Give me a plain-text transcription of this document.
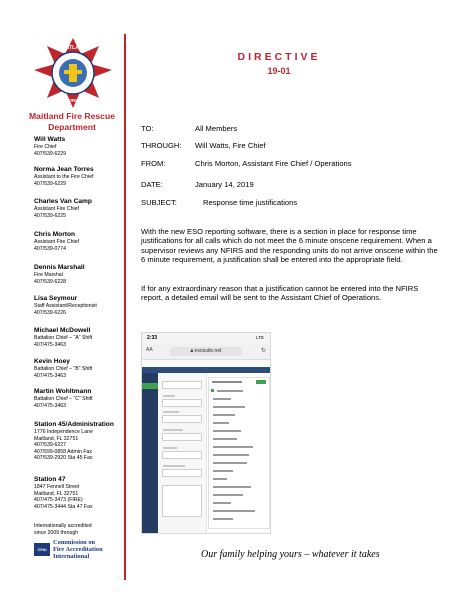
MAITLAND
FLORIDA
Maitland Fire Rescue Department
Will Watts
Fire Chief
407/539-6229
Norma Jean Torres
Assistant to the Fire Chief
407/539-6229
Charles Van Camp
Assistant Fire Chief
407/539-6225
Chris Morton
Assistant Fire Chief
407/539-0774
Dennis Marshall
Fire Marshal
407/539-6228
Lisa Seymour
Staff Assistant/Receptionist
407/539-6226
Michael McDowell
Battalion Chief – “A” Shift
407/475-3463
Kevin Hoey
Battalion Chief – “B” Shift
407/475-3463
Martin Wohltmann
Battalion Chief – “C” Shift
407/475-3463
Station 45/Administration
1776 Independence Lane
Maitland, FL 32751
407/539-6227
407/599-0858 Admin Fax
407/539-2920 Sta 45 Fax
Station 47
1847 Fennell Street
Maitland, FL 32751
407/475-3473 (FIRE)
407/475-3444 Sta 47 Fax
Internationally accredited
since 2009 through
CFAI
Commission on
Fire Accreditation
International
DIRECTIVE
19-01
TO:	All Members
THROUGH: Will Watts, Fire Chief
FROM:	Chris Morton, Assistant Fire Chief / Operations
DATE:	January 14, 2019
SUBJECT:	Response time justifications
With the new ESO reporting software, there is a section in place for response time justifications for all calls which do not meet the 6 minute onscene requirement. When a supervisor reviews any NFIRS and the responding units do not arrive onscene within the 6 minute requirement, a justification shall be entered into the appropriate field.
If for any extraordinary reason that a justification cannot be entered into the NFIRS report, a detailed email will be sent to the Assistant Chief of Operations.
2:33	LTE
AA	🔒︎ esosuite.net	↻
Our family helping yours – whatever it takes
